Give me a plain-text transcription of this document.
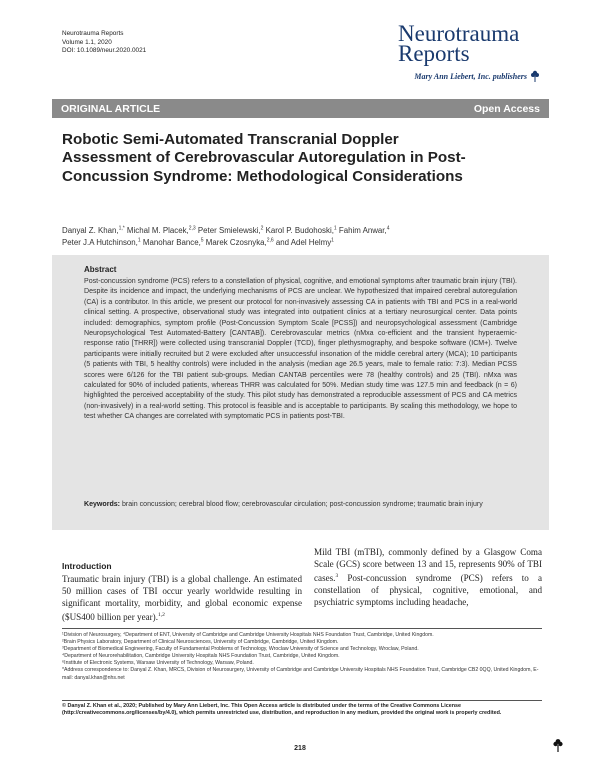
Neurotrauma Reports
Volume 1.1, 2020
DOI: 10.1089/neur.2020.0021
Neurotrauma
Reports
Mary Ann Liebert, Inc. publishers
ORIGINAL ARTICLE	Open Access
Robotic Semi-Automated Transcranial Doppler Assessment of Cerebrovascular Autoregulation in Post-Concussion Syndrome: Methodological Considerations
Danyal Z. Khan,$^{1,*}$ Michal M. Placek,$^{2,3}$ Peter Smielewski,$^2$ Karol P. Budohoski,$^1$ Fahim Anwar,$^4$
Peter J.A Hutchinson,$^1$ Manohar Bance,$^5$ Marek Czosnyka,$^{2,6}$ and Adel Helmy$^1$
Abstract
Post-concussion syndrome (PCS) refers to a constellation of physical, cognitive, and emotional symptoms after traumatic brain injury (TBI). Despite its incidence and impact, the underlying mechanisms of PCS are unclear. We hypothesized that impaired cerebral autoregulation (CA) is a contributor. In this article, we present our protocol for non-invasively assessing CA in patients with TBI and PCS in a real-world clinical setting. A prospective, observational study was integrated into outpatient clinics at a tertiary neurosurgical center. Data points included: demographics, symptom profile (Post-Concussion Symptom Scale [PCSS]) and neuropsychological assessment (Cambridge Neuropsychological Test Automated-Battery [CANTAB]). Cerebrovascular metrics (nMxa co-efficient and the transient hyperaemic-response ratio [THRR]) were collected using transcranial Doppler (TCD), finger plethysmography, and bespoke software (ICM+). Twelve participants were initially recruited but 2 were excluded after unsuccessful insonation of the middle cerebral artery (MCA); 10 participants (5 patients with TBI, 5 healthy controls) were included in the analysis (median age 26.5 years, male to female ratio: 7:3). Median PCSS scores were 6/126 for the TBI patient sub-groups. Median CANTAB percentiles were 78 (healthy controls) and 25 (TBI). nMxa was calculated for 90% of included patients, whereas THRR was calculated for 50%. Median study time was 127.5 min and feedback (n = 6) highlighted the perceived acceptability of the study. This pilot study has demonstrated a reproducible assessment of PCS and CA metrics (non-invasively) in a real-world setting. This protocol is feasible and is acceptable to participants. By scaling this methodology, we hope to test whether CA changes are correlated with symptomatic PCS in patients post-TBI.
Keywords: brain concussion; cerebral blood flow; cerebrovascular circulation; post-concussion syndrome; traumatic brain injury
Introduction
Traumatic brain injury (TBI) is a global challenge. An estimated 50 million cases of TBI occur yearly worldwide resulting in significant mortality, morbidity, and global economic expense ($US400 billion per year).$^{1,2}$
Mild TBI (mTBI), commonly defined by a Glasgow Coma Scale (GCS) score between 13 and 15, represents 90% of TBI cases.$^3$ Post-concussion syndrome (PCS) refers to a constellation of physical, cognitive, emotional, and psychiatric symptoms including headache,
¹Division of Neurosurgery, ⁴Department of ENT, University of Cambridge and Cambridge University Hospitals NHS Foundation Trust, Cambridge, United Kingdom.
²Brain Physics Laboratory, Department of Clinical Neurosciences, University of Cambridge, Cambridge, United Kingdom.
³Department of Biomedical Engineering, Faculty of Fundamental Problems of Technology, Wroclaw University of Science and Technology, Wroclaw, Poland.
⁴Department of Neurorehabilitation, Cambridge University Hospitals NHS Foundation Trust, Cambridge, United Kingdom.
⁶Institute of Electronic Systems, Warsaw University of Technology, Warsaw, Poland.
*Address correspondence to: Danyal Z. Khan, MRCS, Division of Neurosurgery, University of Cambridge and Cambridge University Hospitals NHS Foundation Trust, Cambridge CB2 0QQ, United Kingdom, E-mail: danyal.khan@nhs.net
© Danyal Z. Khan et al., 2020; Published by Mary Ann Liebert, Inc. This Open Access article is distributed under the terms of the Creative Commons License (http://creativecommons.org/licenses/by/4.0), which permits unrestricted use, distribution, and reproduction in any medium, provided the original work is properly credited.
218
